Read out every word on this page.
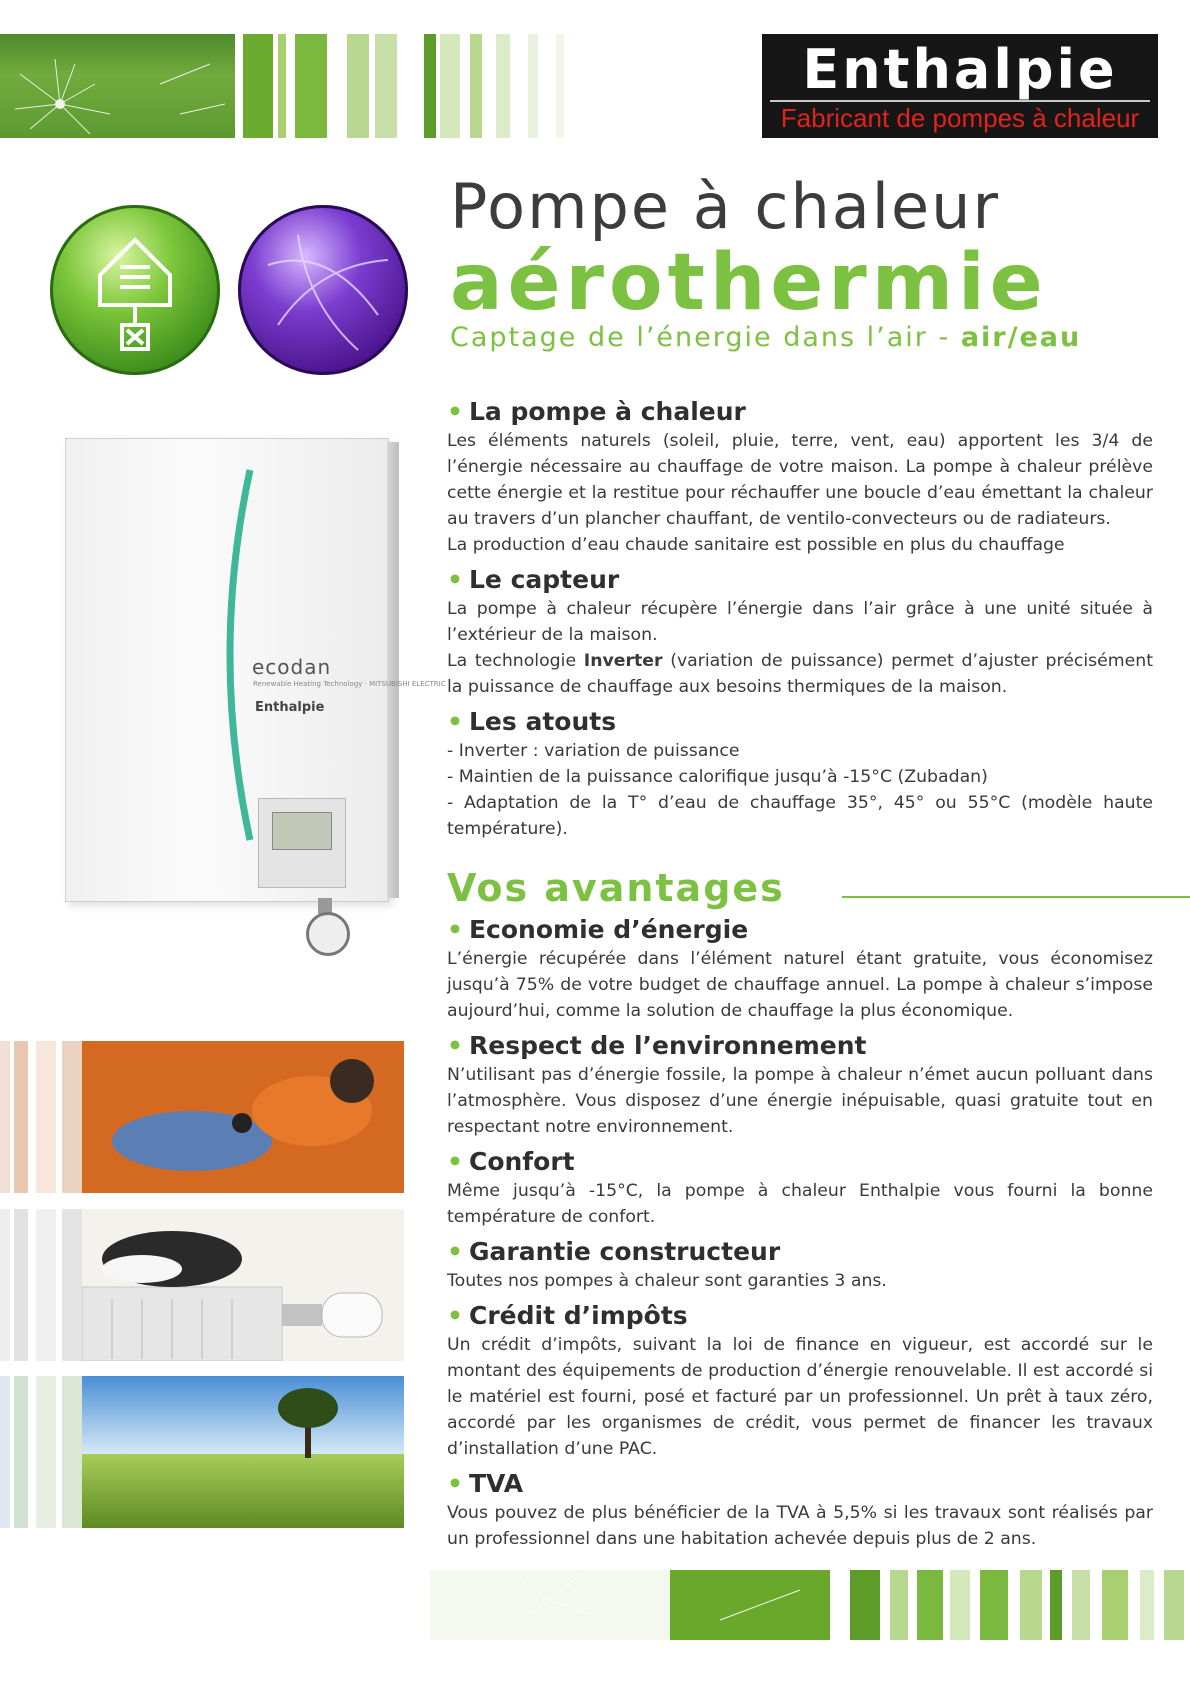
Enthalpie
Fabricant de pompes à chaleur
Pompe à chaleur
aérothermie
Captage de l’énergie dans l’air - air/eau
ecodan
Renewable Heating Technology · MITSUBISHI ELECTRIC
Enthalpie
• La pompe à chaleur
Les éléments naturels (soleil, pluie, terre, vent, eau) apportent les 3/4 de l’énergie nécessaire au chauffage de votre maison. La pompe à chaleur prélève cette énergie et la restitue pour réchauffer une boucle d’eau émettant la chaleur au travers d’un plancher chauffant, de ventilo-convecteurs ou de radiateurs.
La production d’eau chaude sanitaire est possible en plus du chauffage
• Le capteur
La pompe à chaleur récupère l’énergie dans l’air grâce à une unité située à l’extérieur de la maison.
La technologie Inverter (variation de puissance) permet d’ajuster précisément la puissance de chauffage aux besoins thermiques de la maison.
• Les atouts
- Inverter : variation de puissance
- Maintien de la puissance calorifique jusqu’à -15°C (Zubadan)
- Adaptation de la T° d’eau de chauffage 35°, 45° ou 55°C (modèle haute température).
Vos avantages
• Economie d’énergie
L’énergie récupérée dans l’élément naturel étant gratuite, vous économisez jusqu’à 75% de votre budget de chauffage annuel. La pompe à chaleur s’impose aujourd’hui, comme la solution de chauffage la plus économique.
• Respect de l’environnement
N’utilisant pas d’énergie fossile, la pompe à chaleur n’émet aucun polluant dans l’atmosphère. Vous disposez d’une énergie inépuisable, quasi gratuite tout en respectant notre environnement.
• Confort
Même jusqu’à -15°C, la pompe à chaleur Enthalpie vous fourni la bonne température de confort.
• Garantie constructeur
Toutes nos pompes à chaleur sont garanties 3 ans.
• Crédit d’impôts
Un crédit d’impôts, suivant la loi de finance en vigueur, est accordé sur le montant des équipements de production d’énergie renouvelable. Il est accordé si le matériel est fourni, posé et facturé par un professionnel. Un prêt à taux zéro, accordé par les organismes de crédit, vous permet de financer les travaux d’installation d’une PAC.
• TVA
Vous pouvez de plus bénéficier de la TVA à 5,5% si les travaux sont réalisés par un professionnel dans une habitation achevée depuis plus de 2 ans.
